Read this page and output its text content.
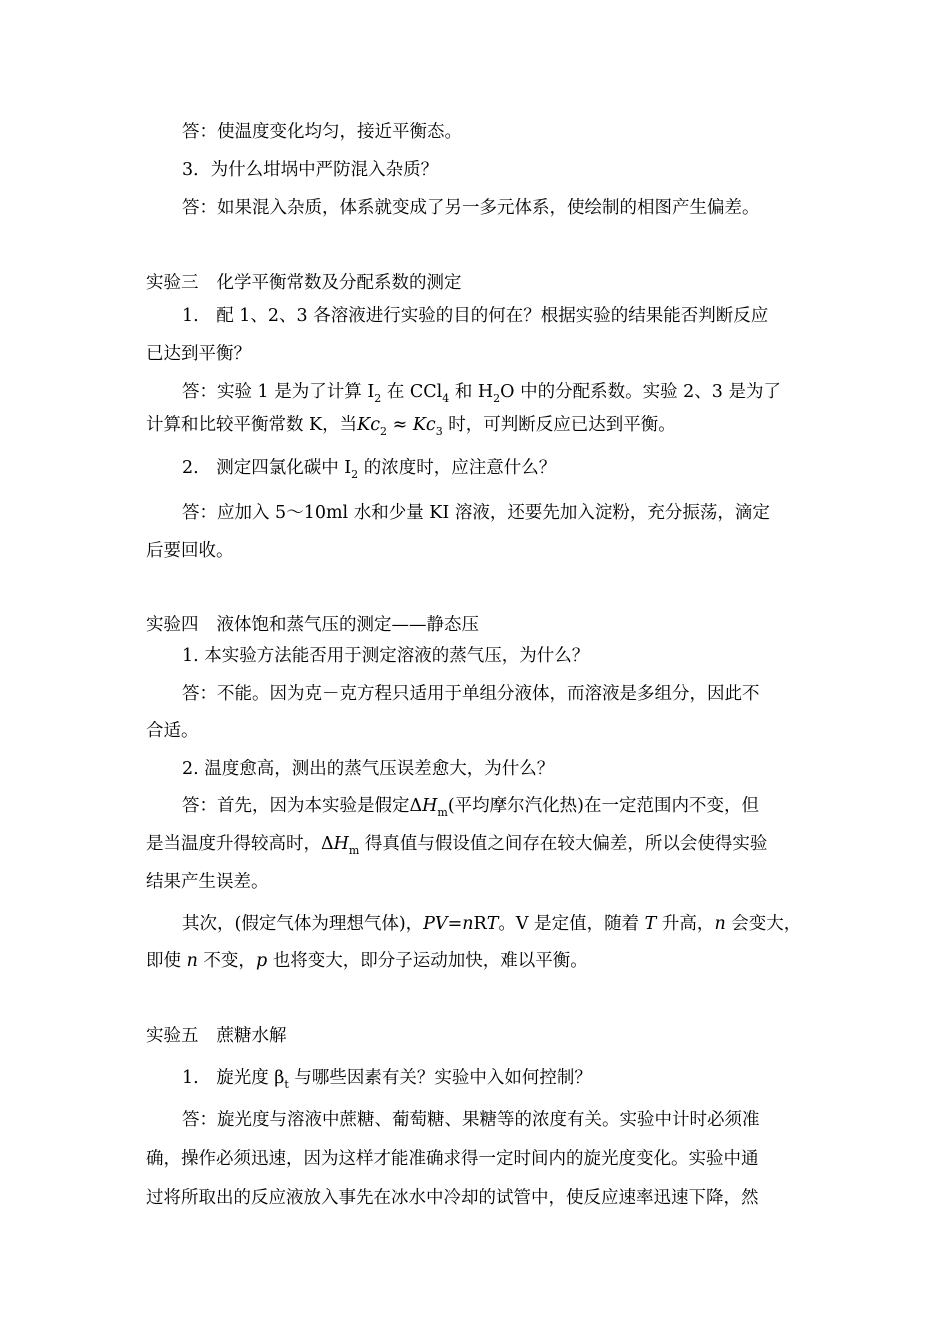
答：使温度变化均匀，接近平衡态。
3．为什么坩埚中严防混入杂质？
答：如果混入杂质，体系就变成了另一多元体系，使绘制的相图产生偏差。
实验三 化学平衡常数及分配系数的测定
1.　配 1、2、3 各溶液进行实验的目的何在？根据实验的结果能否判断反应
已达到平衡？
答：实验 1 是为了计算 $I_2$ 在 CCl$_4$ 和 $H_2O$ 中的分配系数。实验 2、3 是为了
计算和比较平衡常数 K，当$Kc_2 \approx Kc_3$ 时，可判断反应已达到平衡。
2.　测定四氯化碳中 $I_2$ 的浓度时，应注意什么？
答：应加入 5～10ml 水和少量 KI 溶液，还要先加入淀粉，充分振荡，滴定
后要回收。
实验四 液体饱和蒸气压的测定——静态压
1. 本实验方法能否用于测定溶液的蒸气压，为什么？
答：不能。因为克－克方程只适用于单组分液体，而溶液是多组分，因此不
合适。
2. 温度愈高，测出的蒸气压误差愈大，为什么？
答：首先，因为本实验是假定$\Delta H_m$(平均摩尔汽化热)在一定范围内不变，但
是当温度升得较高时，$\Delta H_m$ 得真值与假设值之间存在较大偏差，所以会使得实验
结果产生误差。
其次，(假定气体为理想气体)，PV=nRT。V 是定值，随着 T 升高，n 会变大，
即使 n 不变，p 也将变大，即分子运动加快，难以平衡。
实验五 蔗糖水解
1.　旋光度 $\beta_t$ 与哪些因素有关？实验中入如何控制？
答：旋光度与溶液中蔗糖、葡萄糖、果糖等的浓度有关。实验中计时必须准
确，操作必须迅速，因为这样才能准确求得一定时间内的旋光度变化。实验中通
过将所取出的反应液放入事先在冰水中冷却的试管中，使反应速率迅速下降，然
